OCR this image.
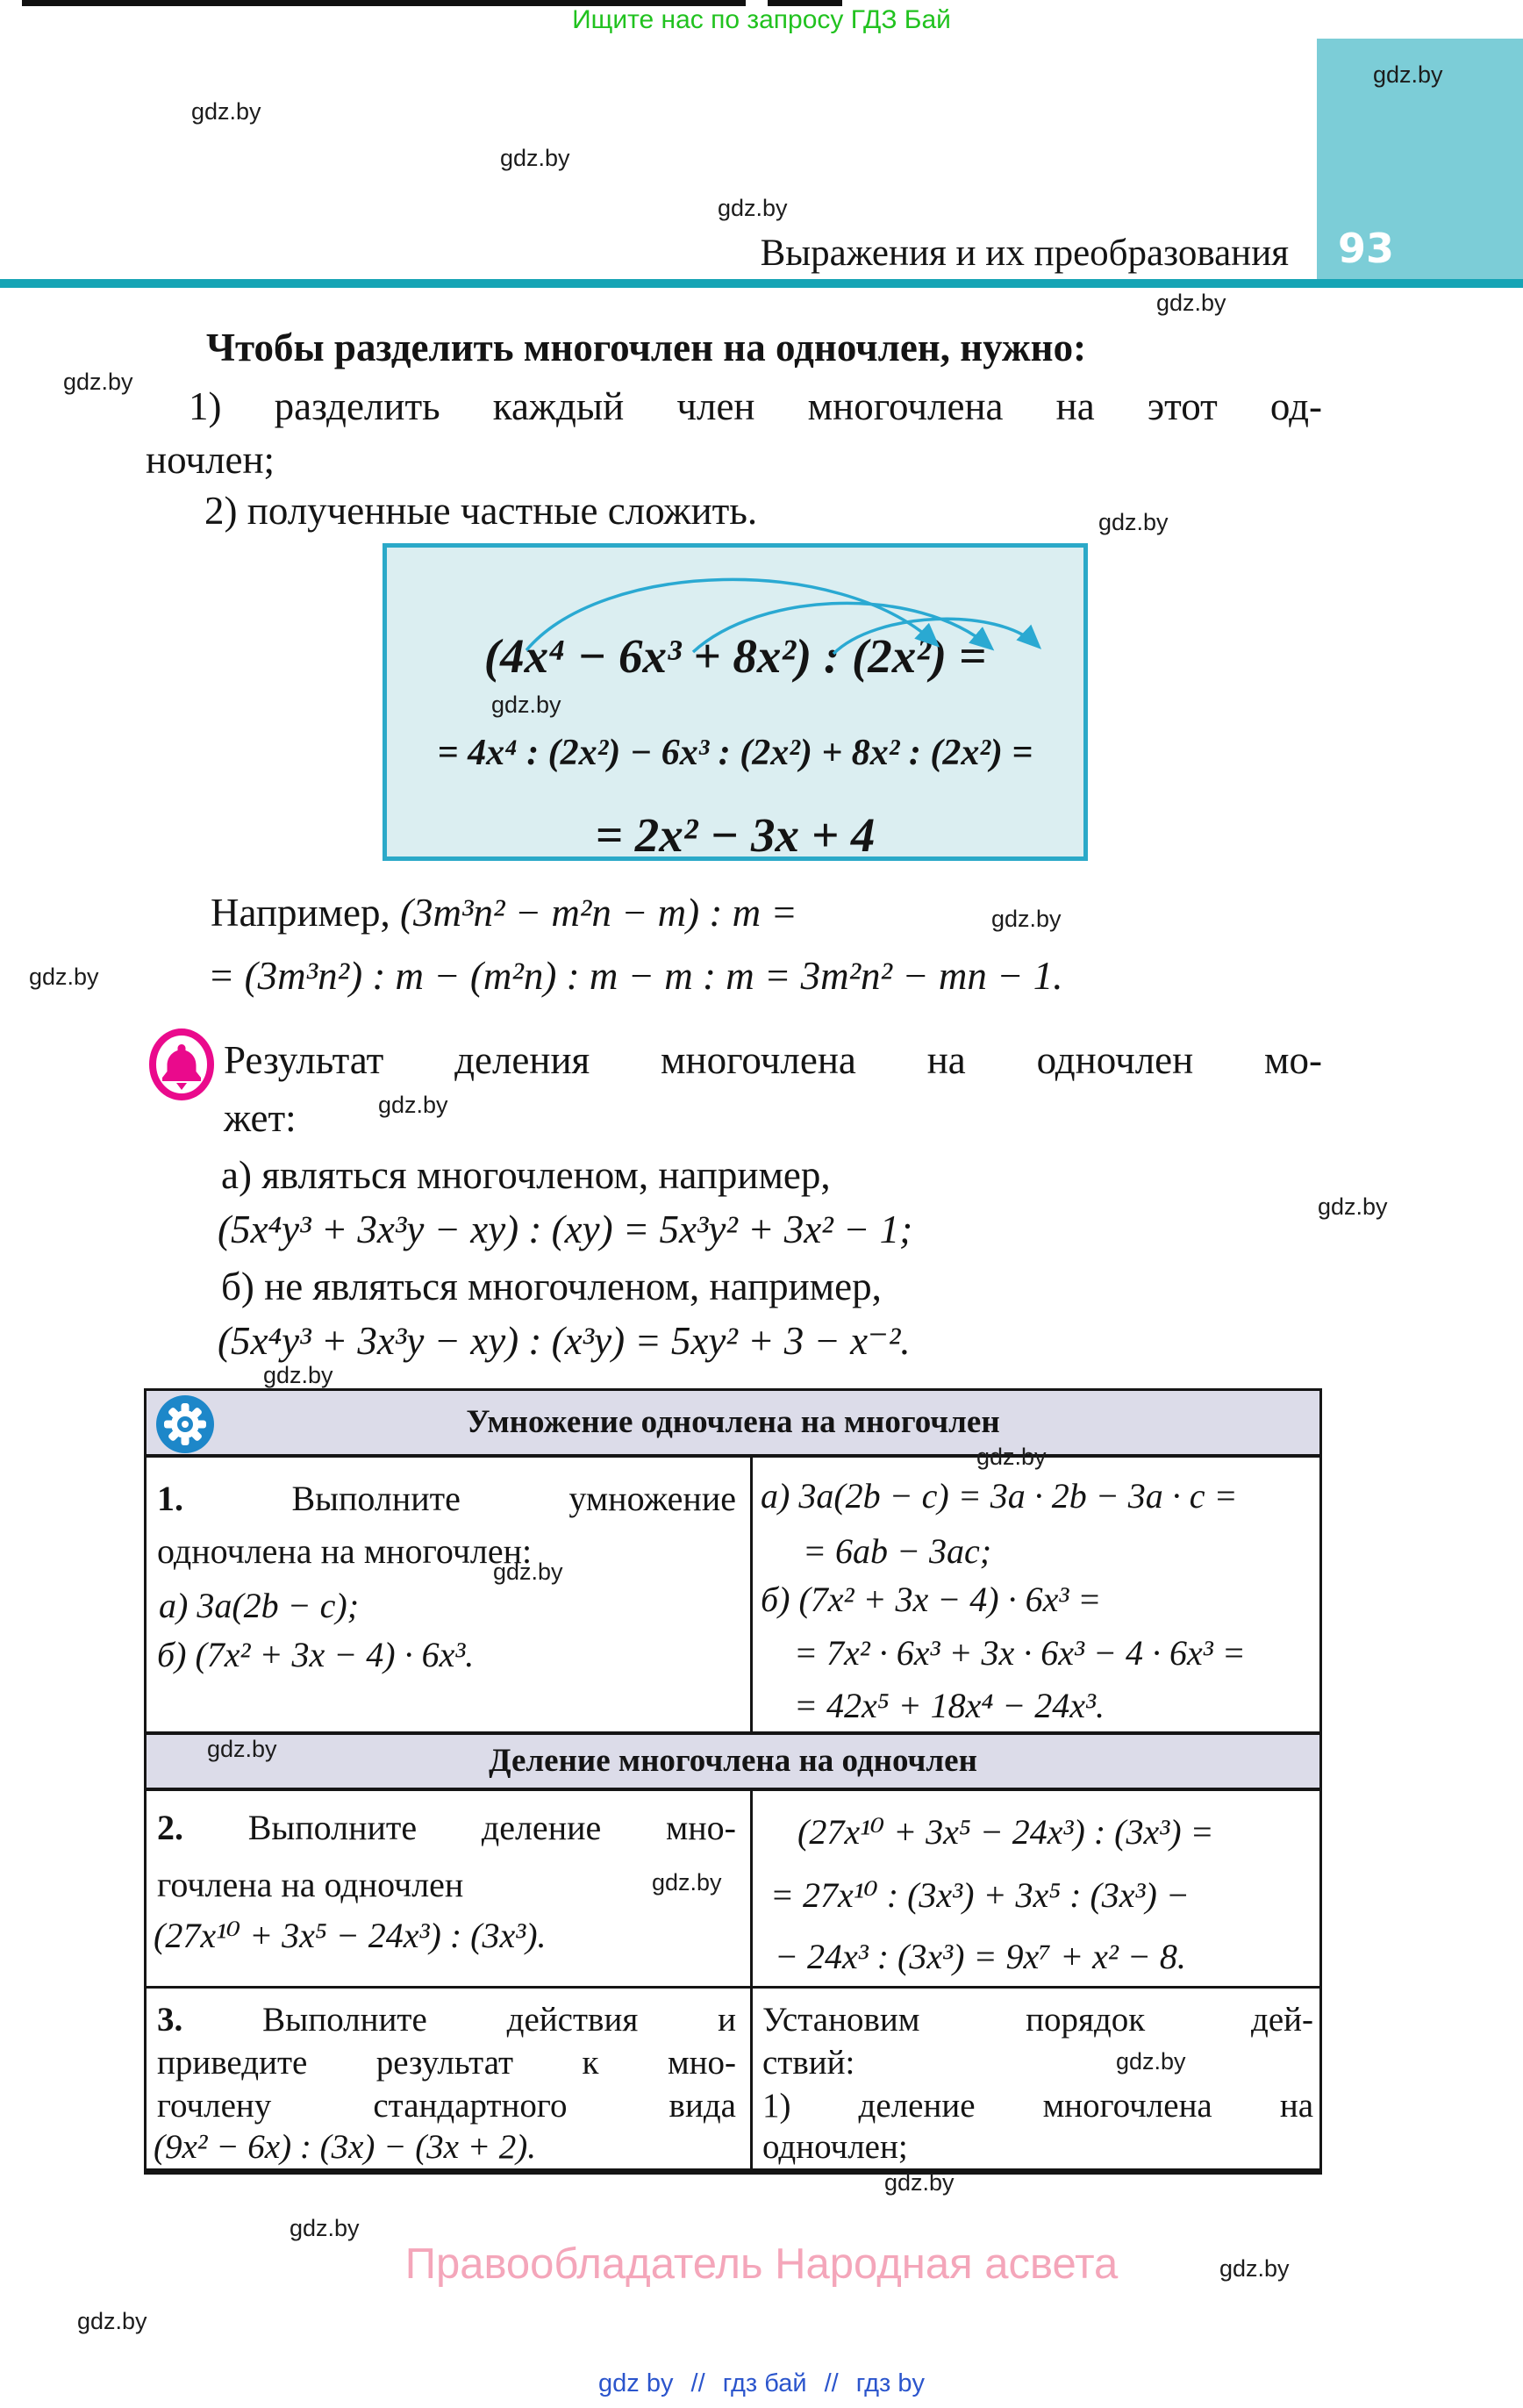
Ищите нас по запросу ГДЗ Бай
93
Выражения и их преобразования
Чтобы разделить многочлен на одночлен, нужно:
1) разделить каждый член многочлена на этот од-
ночлен;
2) полученные частные сложить.
(4x⁴ − 6x³ + 8x²) : (2x²) =
= 4x⁴ : (2x²) − 6x³ : (2x²) + 8x² : (2x²) =
= 2x² − 3x + 4
Например, (3m³n² − m²n − m) : m =
= (3m³n²) : m − (m²n) : m − m : m = 3m²n² − mn − 1.
Результат деления многочлена на одночлен мо-
жет:
а) являться многочленом, например,
(5x⁴y³ + 3x³y − xy) : (xy) = 5x³y² + 3x² − 1;
б) не являться многочленом, например,
(5x⁴y³ + 3x³y − xy) : (x³y) = 5xy² + 3 − x⁻².
Умножение одночлена на многочлен
Деление многочлена на одночлен
1. Выполните умножение
одночлена на многочлен:
а) 3a(2b − c);
б) (7x² + 3x − 4) · 6x³.
а) 3a(2b − c) = 3a · 2b − 3a · c =
= 6ab − 3ac;
б) (7x² + 3x − 4) · 6x³ =
= 7x² · 6x³ + 3x · 6x³ − 4 · 6x³ =
= 42x⁵ + 18x⁴ − 24x³.
2. Выполните деление мно-
гочлена на одночлен
(27x¹⁰ + 3x⁵ − 24x³) : (3x³).
(27x¹⁰ + 3x⁵ − 24x³) : (3x³) =
= 27x¹⁰ : (3x³) + 3x⁵ : (3x³) −
− 24x³ : (3x³) = 9x⁷ + x² − 8.
3. Выполните действия и
приведите результат к мно-
гочлену стандартного вида
(9x² − 6x) : (3x) − (3x + 2).
Установим порядок дей-
ствий:
1) деление многочлена на
одночлен;
Правообладатель Народная асвета
gdz by // гдз бай // гдз by
gdz.by
gdz.by
gdz.by
gdz.by
gdz.by
gdz.by
gdz.by
gdz.by
gdz.by
gdz.by
gdz.by
gdz.by
gdz.by
gdz.by
gdz.by
gdz.by
gdz.by
gdz.by
gdz.by
gdz.by
gdz.by
gdz.by
